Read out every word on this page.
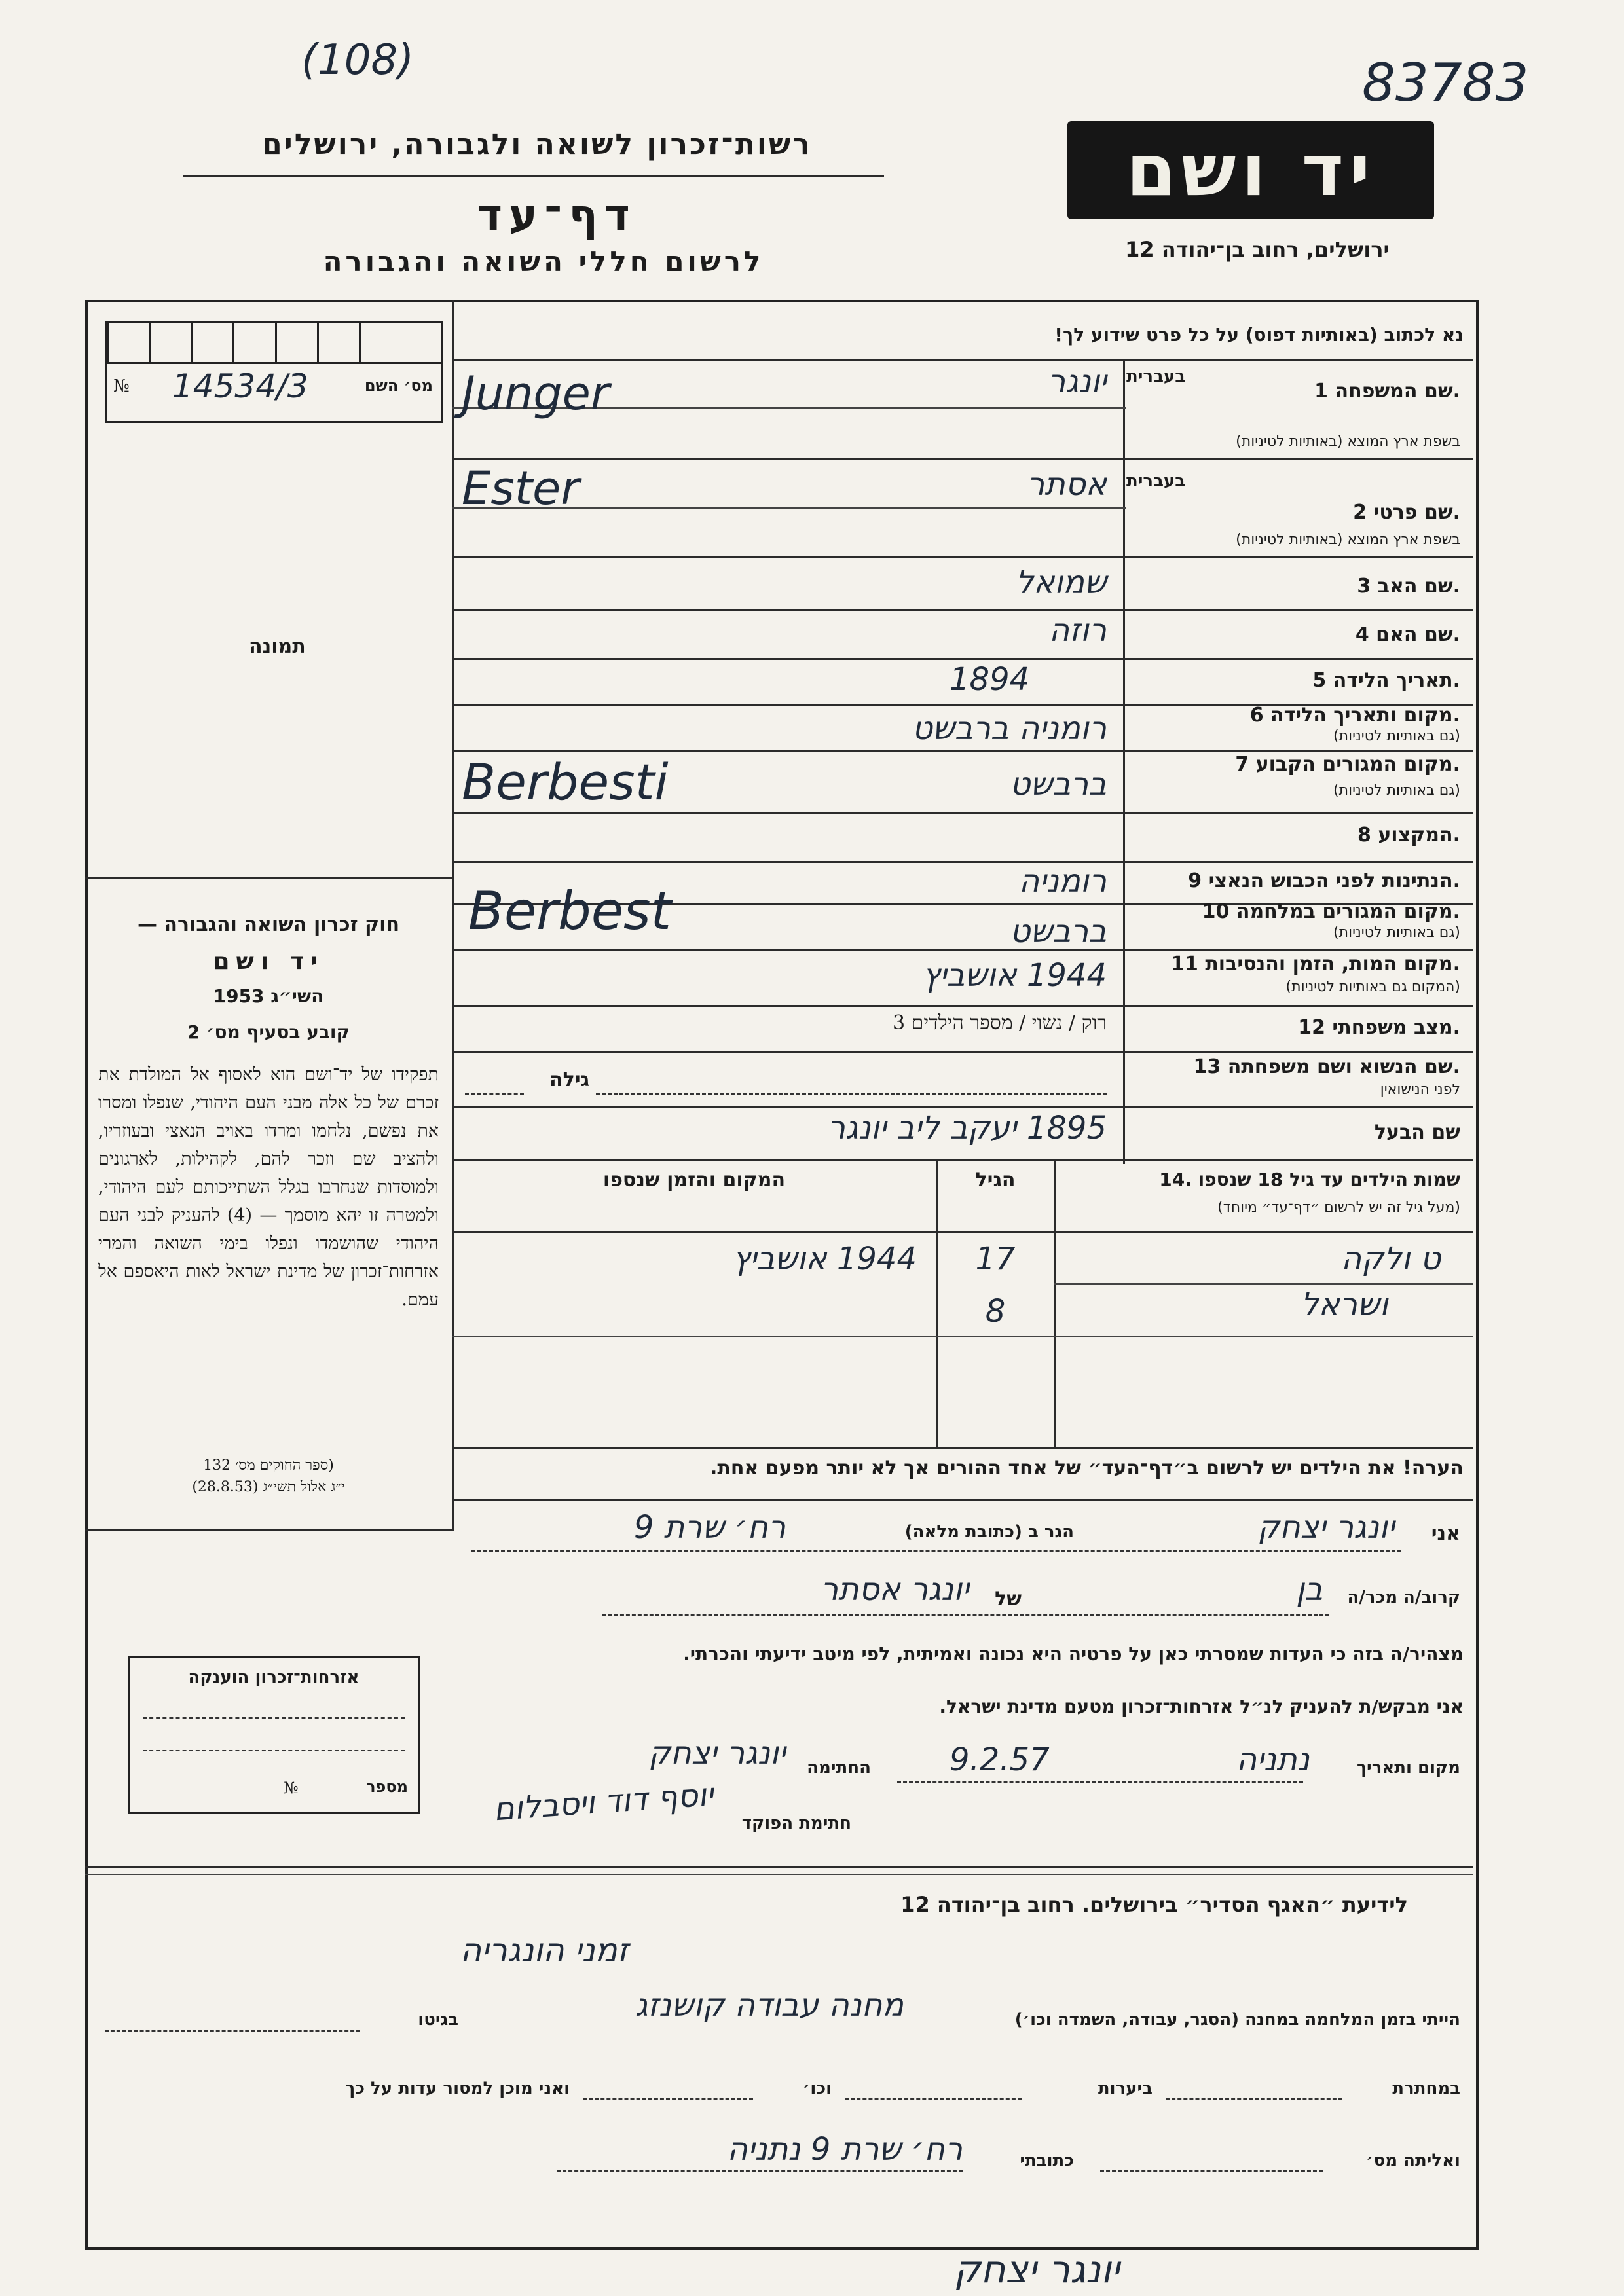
(108)	83783
רשות־זכרון לשואה ולגבורה, ירושלים
דף־עד
לרשום חללי השואה והגבורה
יד ושם
ירושלים, רחוב בן־יהודה 12
מס׳ השם
№ 14534/3
תמונה
נא לכתוב (באותיות דפוס) על כל פרט שידוע לך!
שם המשפחה 1.
בעברית
בשפת ארץ המוצא (באותיות לטיניות)
יונגר
Junger
שם פרטי 2.
בעברית
בשפת ארץ המוצא (באותיות לטיניות)
אסתר
Ester
שם האב 3.
שמואל
שם האם 4.
רוזה
תאריך הלידה 5.
1894
מקום ותאריך הלידה 6.
(גם באותיות לטיניות)
רומניה ברבשט
מקום המגורים הקבוע 7.
(גם באותיות לטיניות)
ברבשט
Berbesti
המקצוע 8.
הנתינות לפני הכבוש הנאצי 9.
רומניה
מקום המגורים במלחמה 10.
(גם באותיות לטיניות)
ברבשט
Berbest
מקום המות, הזמן והנסיבות 11.
(המקום גם באותיות לטיניות)
1944 אושביץ
מצב משפחתי 12.
רוק / נשוי / מספר הילדים 3
שם הנשוא ושם משפחתה 13.
לפני הנישואין
גילה
שם הבעל
1895 יעקב ליב יונגר
14. שמות הילדים עד גיל 18 שנספו
(מעל גיל זה יש לרשום ״דף־עד״ מיוחד)
הגיל
המקום והזמן שנספו
ט ולקה
17
1944 אושביץ
ושראל
8
הערה! את הילדים יש לרשום ב״דף־העד״ של אחד ההורים אך לא יותר מפעם אחת.
חוק זכרון השואה והגבורה —
יד ושם
השי״ג 1953
קובע בסעיף מס׳ 2
תפקידו של יד־ושם הוא לאסוף אל המולדת את זכרם של כל אלה מבני העם היהודי, שנפלו ומסרו את נפשם, נלחמו ומרדו באויב הנאצי ובעוזריו, ולהציב שם וזכר להם, לקהילות, לארגונים ולמוסדות שנחרבו בגלל השתייכותם לעם היהודי, ולמטרה זו יהא מוסמך — (4) להעניק לבני העם היהודי שהושמדו ונפלו בימי השואה והמרי אזרחות־זכרון של מדינת ישראל לאות היאספם אל עמם.
(ספר החוקים מס׳ 132
י״ג אלול תשי״ג (28.8.53)
אזרחות־זכרון הוענקה
מספר
№
אני
יונגר יצחק
הגר ב (כתובת מלאה)
רח׳ שרת 9
קרוב/ה מכר/ה
בן
של
יונגר אסתר
מצהיר/ה בזה כי העדות שמסרתי כאן על פרטיה היא נכונה ואמיתית, לפי מיטב ידיעתי והכרתי.
אני מבקש/ת להעניק לנ״ל אזרחות־זכרון מטעם מדינת ישראל.
מקום ותאריך
נתניה
9.2.57
החתימה
יונגר יצחק
חתימת הפוקד
יוסף דוד ויסבלום
לידיעת ״האגף הסדיר״ בירושלים. רחוב בן־יהודה 12
זמני הונגריה
הייתי בזמן המלחמה במחנה (הסגר, עבודה, השמדה וכו׳)
מחנה עבודה קושנזג
בגיטו
במחתרת
ביערות
וכו׳
ואני מוכן למסור עדות על כך
ואליתה מס׳
כתובתי
רח׳ שרת 9 נתניה
יונגר יצחק
